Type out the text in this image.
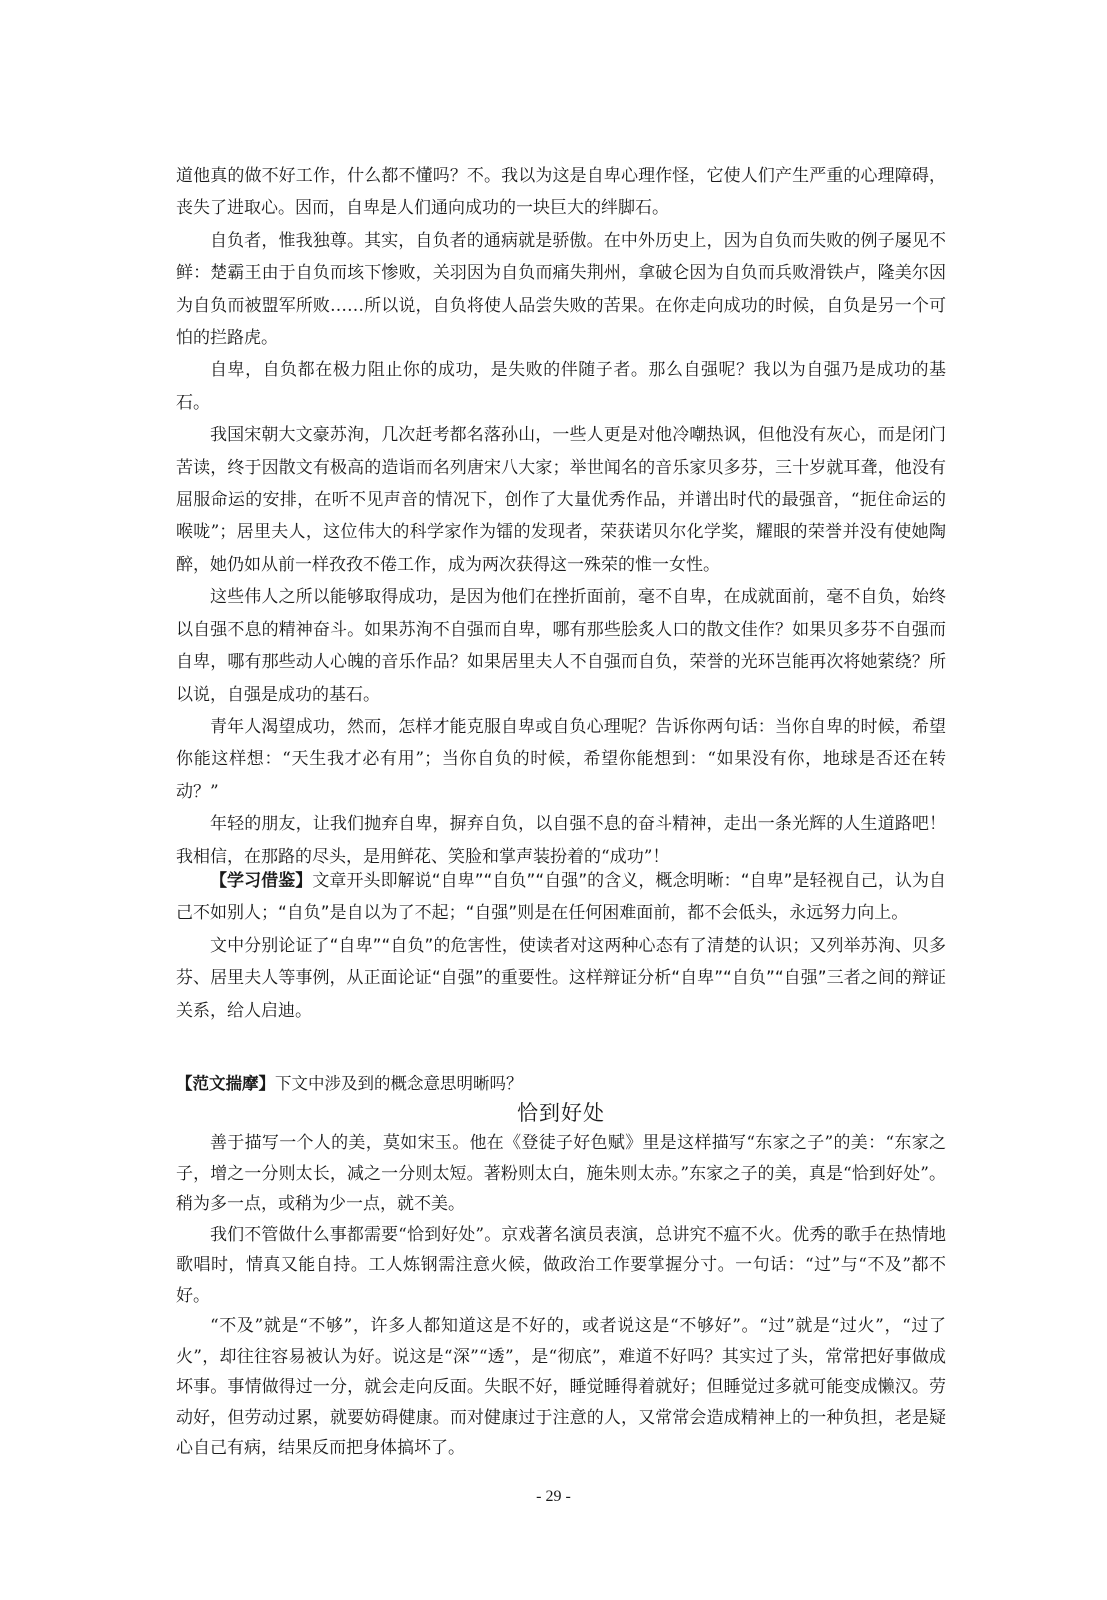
道他真的做不好工作，什么都不懂吗？不。我以为这是自卑心理作怪，它使人们产生严重的心理障碍，丧失了进取心。因而，自卑是人们通向成功的一块巨大的绊脚石。

自负者，惟我独尊。其实，自负者的通病就是骄傲。在中外历史上，因为自负而失败的例子屡见不鲜：楚霸王由于自负而垓下惨败，关羽因为自负而痛失荆州，拿破仑因为自负而兵败滑铁卢，隆美尔因为自负而被盟军所败……所以说，自负将使人品尝失败的苦果。在你走向成功的时候，自负是另一个可怕的拦路虎。

自卑，自负都在极力阻止你的成功，是失败的伴随子者。那么自强呢？我以为自强乃是成功的基石。

我国宋朝大文豪苏洵，几次赶考都名落孙山，一些人更是对他冷嘲热讽，但他没有灰心，而是闭门苦读，终于因散文有极高的造诣而名列唐宋八大家；举世闻名的音乐家贝多芬，三十岁就耳聋，他没有屈服命运的安排，在听不见声音的情况下，创作了大量优秀作品，并谱出时代的最强音，“扼住命运的喉咙”；居里夫人，这位伟大的科学家作为镭的发现者，荣获诺贝尔化学奖，耀眼的荣誉并没有使她陶醉，她仍如从前一样孜孜不倦工作，成为两次获得这一殊荣的惟一女性。

这些伟人之所以能够取得成功，是因为他们在挫折面前，毫不自卑，在成就面前，毫不自负，始终以自强不息的精神奋斗。如果苏洵不自强而自卑，哪有那些脍炙人口的散文佳作？如果贝多芬不自强而自卑，哪有那些动人心魄的音乐作品？如果居里夫人不自强而自负，荣誉的光环岂能再次将她萦绕？所以说，自强是成功的基石。

青年人渴望成功，然而，怎样才能克服自卑或自负心理呢？告诉你两句话：当你自卑的时候，希望你能这样想：“天生我才必有用”；当你自负的时候，希望你能想到：“如果没有你，地球是否还在转动？”

年轻的朋友，让我们抛弃自卑，摒弃自负，以自强不息的奋斗精神，走出一条光辉的人生道路吧！我相信，在那路的尽头，是用鲜花、笑脸和掌声装扮着的“成功”！

【学习借鉴】文章开头即解说“自卑”“自负”“自强”的含义，概念明晰：“自卑”是轻视自己，认为自己不如别人；“自负”是自以为了不起；“自强”则是在任何困难面前，都不会低头，永远努力向上。

文中分别论证了“自卑”“自负”的危害性，使读者对这两种心态有了清楚的认识；又列举苏洵、贝多芬、居里夫人等事例，从正面论证“自强”的重要性。这样辩证分析“自卑”“自负”“自强”三者之间的辩证关系，给人启迪。

【范文揣摩】下文中涉及到的概念意思明晰吗？
恰到好处

善于描写一个人的美，莫如宋玉。他在《登徒子好色赋》里是这样描写“东家之子”的美：“东家之子，增之一分则太长，减之一分则太短。著粉则太白，施朱则太赤。”东家之子的美，真是“恰到好处”。稍为多一点，或稍为少一点，就不美。

我们不管做什么事都需要“恰到好处”。京戏著名演员表演，总讲究不瘟不火。优秀的歌手在热情地歌唱时，情真又能自持。工人炼钢需注意火候，做政治工作要掌握分寸。一句话：“过”与“不及”都不好。

“不及”就是“不够”，许多人都知道这是不好的，或者说这是“不够好”。“过”就是“过火”，“过了火”，却往往容易被认为好。说这是“深”“透”，是“彻底”，难道不好吗？其实过了头，常常把好事做成坏事。事情做得过一分，就会走向反面。失眠不好，睡觉睡得着就好；但睡觉过多就可能变成懒汉。劳动好，但劳动过累，就要妨碍健康。而对健康过于注意的人，又常常会造成精神上的一种负担，老是疑心自己有病，结果反而把身体搞坏了。

- 29 -
